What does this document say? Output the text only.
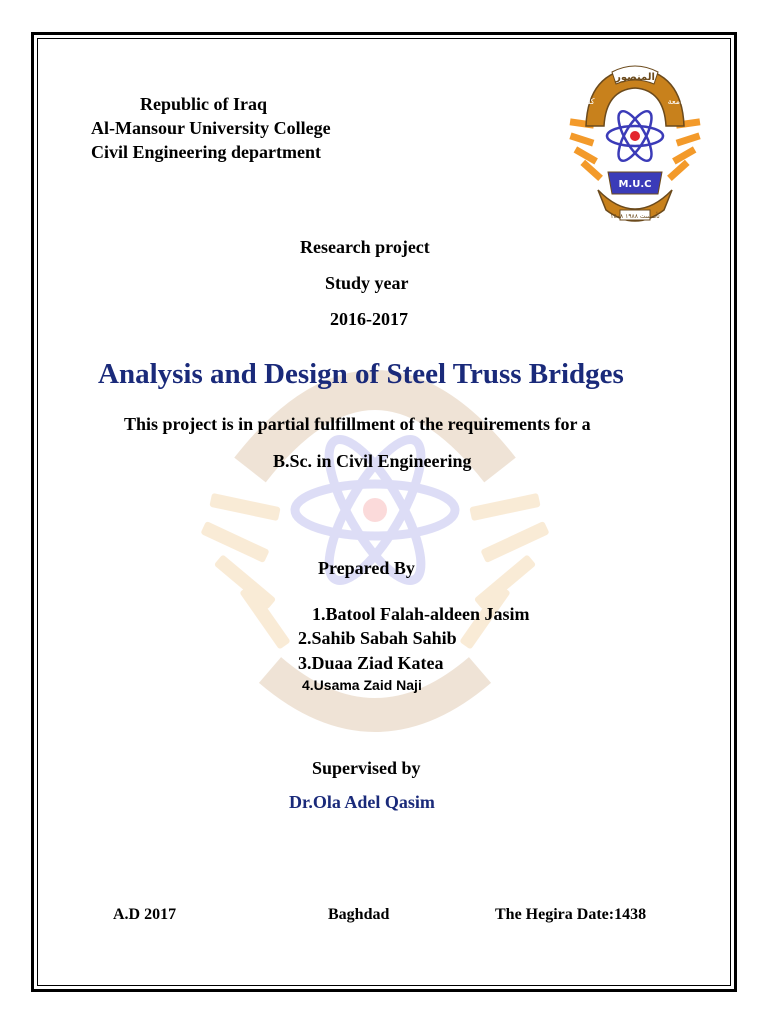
Republic of Iraq
Al-Mansour University College
Civil Engineering department
المنصور
كلية	الجامعة
M.U.C
تأسست ١٩٨٨ ١٤٠٨
Research project
Study year
2016-2017
Analysis and Design of Steel Truss Bridges
This project is in partial fulfillment of the requirements for a
B.Sc. in Civil Engineering
Prepared By
1.Batool Falah-aldeen Jasim
2.Sahib Sabah Sahib
3.Duaa Ziad Katea
4.Usama Zaid Naji
Supervised by
Dr.Ola Adel Qasim
A.D 2017	Baghdad	The Hegira Date:1438
